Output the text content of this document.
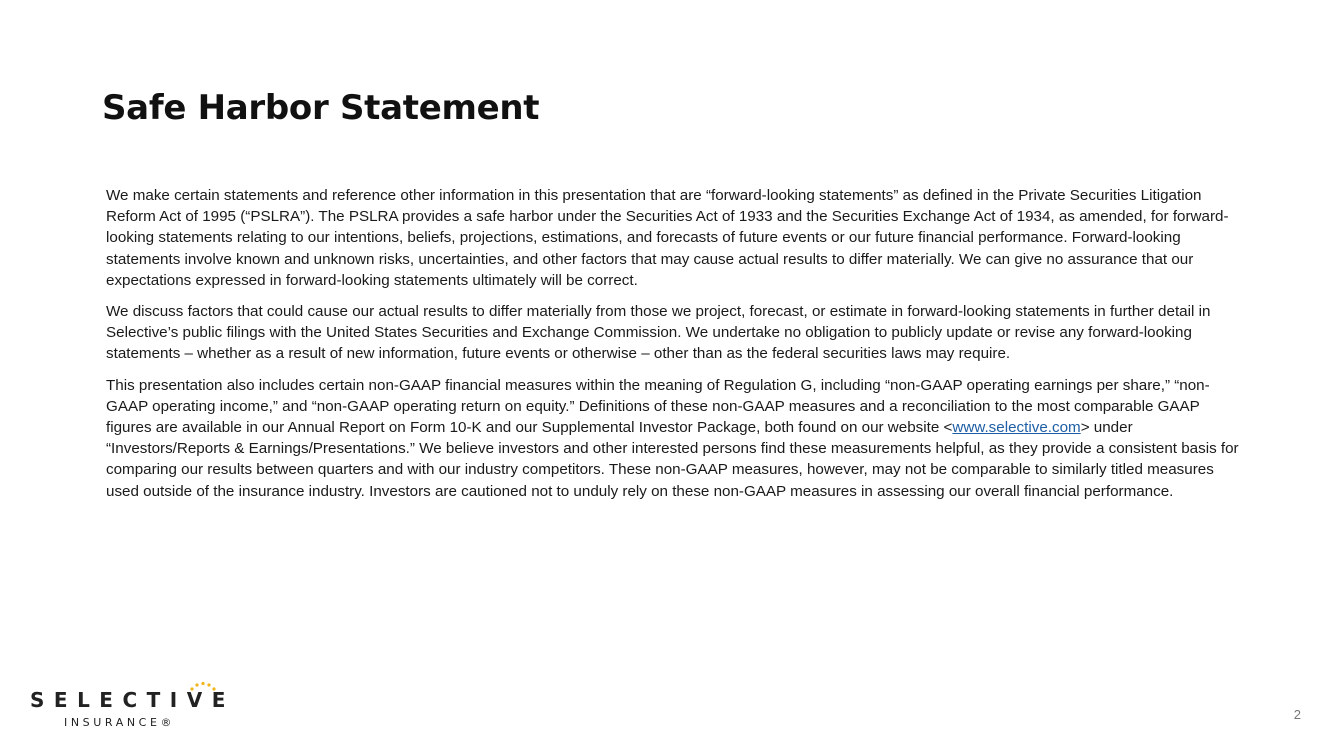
Safe Harbor Statement

We make certain statements and reference other information in this presentation that are “forward-looking statements” as defined in the Private Securities Litigation Reform Act of 1995 (“PSLRA”). The PSLRA provides a safe harbor under the Securities Act of 1933 and the Securities Exchange Act of 1934, as amended, for forward-looking statements relating to our intentions, beliefs, projections, estimations, and forecasts of future events or our future financial performance. Forward-looking statements involve known and unknown risks, uncertainties, and other factors that may cause actual results to differ materially. We can give no assurance that our expectations expressed in forward-looking statements ultimately will be correct.

We discuss factors that could cause our actual results to differ materially from those we project, forecast, or estimate in forward-looking statements in further detail in Selective’s public filings with the United States Securities and Exchange Commission. We undertake no obligation to publicly update or revise any forward-looking statements – whether as a result of new information, future events or otherwise – other than as the federal securities laws may require.

This presentation also includes certain non-GAAP financial measures within the meaning of Regulation G, including “non-GAAP operating earnings per share,” “non-GAAP operating income,” and “non-GAAP operating return on equity.” Definitions of these non-GAAP measures and a reconciliation to the most comparable GAAP figures are available in our Annual Report on Form 10-K and our Supplemental Investor Package, both found on our website <www.selective.com> under “Investors/Reports & Earnings/Presentations.” We believe investors and other interested persons find these measurements helpful, as they provide a consistent basis for comparing our results between quarters and with our industry competitors. These non-GAAP measures, however, may not be comparable to similarly titled measures used outside of the insurance industry. Investors are cautioned not to unduly rely on these non-GAAP measures in assessing our overall financial performance.

SELECTIVE
INSURANCE®
2
